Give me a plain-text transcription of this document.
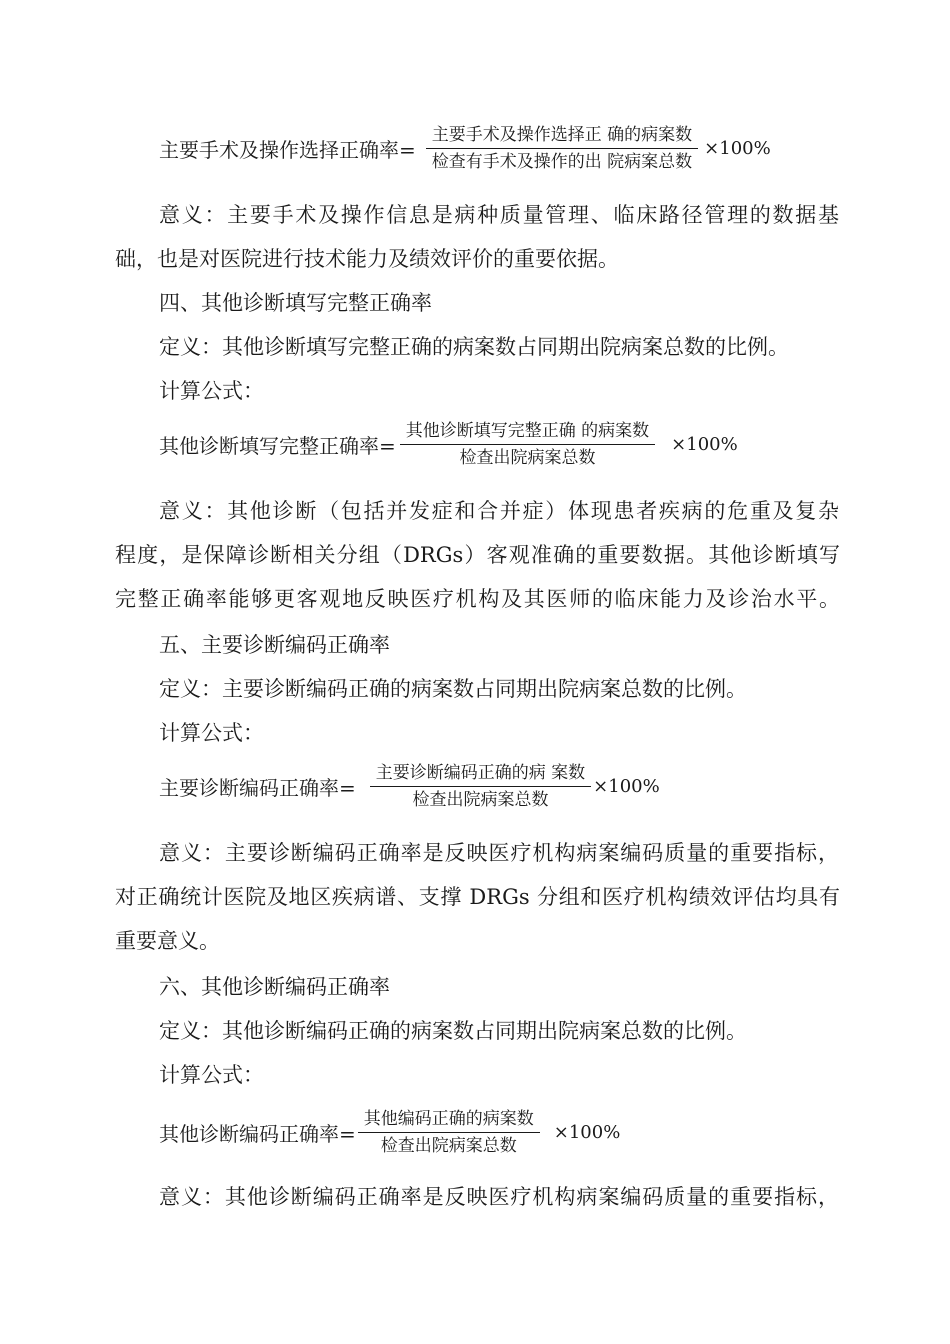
主要手术及操作选择正确率= $\frac{\text{主要手术及操作选择正 确的病案数}}{\text{检查有手术及操作的出 院病案总数}} \times 100\%$
意义：主要手术及操作信息是病种质量管理、临床路径管理的数据基
础，也是对医院进行技术能力及绩效评价的重要依据。
四、其他诊断填写完整正确率
定义：其他诊断填写完整正确的病案数占同期出院病案总数的比例。
计算公式：
其他诊断填写完整正确率= $\frac{\text{其他诊断填写完整正确 的病案数}}{\text{检查出院病案总数}} \times 100\%$
意义：其他诊断（包括并发症和合并症）体现患者疾病的危重及复杂
程度，是保障诊断相关分组（DRGs）客观准确的重要数据。其他诊断填写
完整正确率能够更客观地反映医疗机构及其医师的临床能力及诊治水平。
五、主要诊断编码正确率
定义：主要诊断编码正确的病案数占同期出院病案总数的比例。
计算公式：
主要诊断编码正确率= $\frac{\text{主要诊断编码正确的病 案数}}{\text{检查出院病案总数}} \times 100\%$
意义：主要诊断编码正确率是反映医疗机构病案编码质量的重要指标，
对正确统计医院及地区疾病谱、支撑 DRGs 分组和医疗机构绩效评估均具有
重要意义。
六、其他诊断编码正确率
定义：其他诊断编码正确的病案数占同期出院病案总数的比例。
计算公式：
其他诊断编码正确率= $\frac{\text{其他编码正确的病案数}}{\text{检查出院病案总数}} \times 100\%$
意义：其他诊断编码正确率是反映医疗机构病案编码质量的重要指标，
